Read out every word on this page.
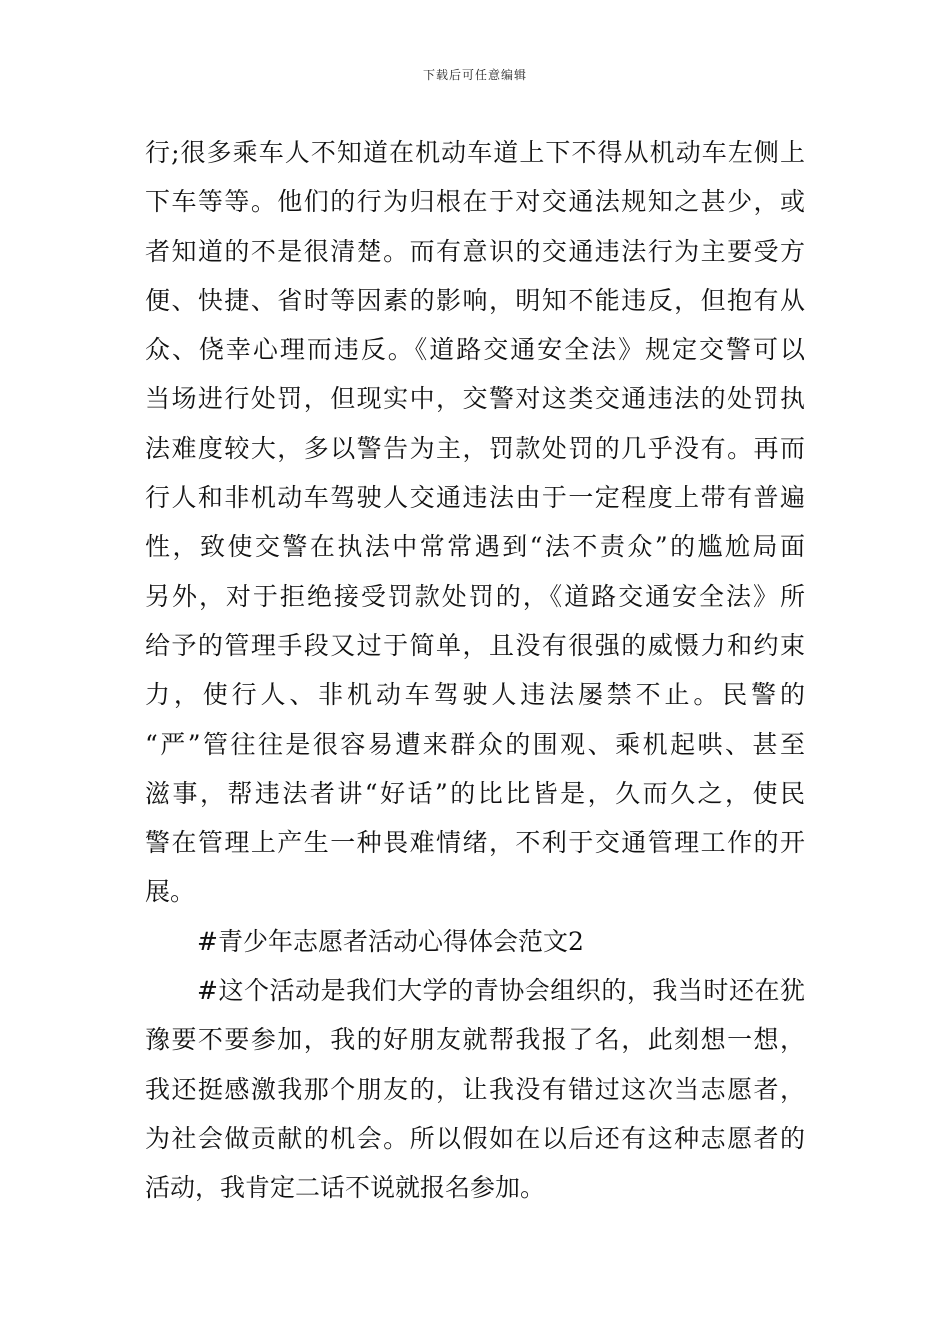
下载后可任意编辑
行;很多乘车人不知道在机动车道上下不得从机动车左侧上
下车等等。他们的行为归根在于对交通法规知之甚少，或
者知道的不是很清楚。而有意识的交通违法行为主要受方
便、快捷、省时等因素的影响，明知不能违反，但抱有从
众、侥幸心理而违反。《道路交通安全法》规定交警可以
当场进行处罚，但现实中，交警对这类交通违法的处罚执
法难度较大，多以警告为主，罚款处罚的几乎没有。再而
行人和非机动车驾驶人交通违法由于一定程度上带有普遍
性，致使交警在执法中常常遇到“法不责众”的尴尬局面
另外，对于拒绝接受罚款处罚的，《道路交通安全法》所
给予的管理手段又过于简单，且没有很强的威慑力和约束
力，使行人、非机动车驾驶人违法屡禁不止。民警的
“严”管往往是很容易遭来群众的围观、乘机起哄、甚至
滋事，帮违法者讲“好话”的比比皆是，久而久之，使民
警在管理上产生一种畏难情绪，不利于交通管理工作的开
展。
#青少年志愿者活动心得体会范文2
#这个活动是我们大学的青协会组织的，我当时还在犹
豫要不要参加，我的好朋友就帮我报了名，此刻想一想，
我还挺感激我那个朋友的，让我没有错过这次当志愿者，
为社会做贡献的机会。所以假如在以后还有这种志愿者的
活动，我肯定二话不说就报名参加。
